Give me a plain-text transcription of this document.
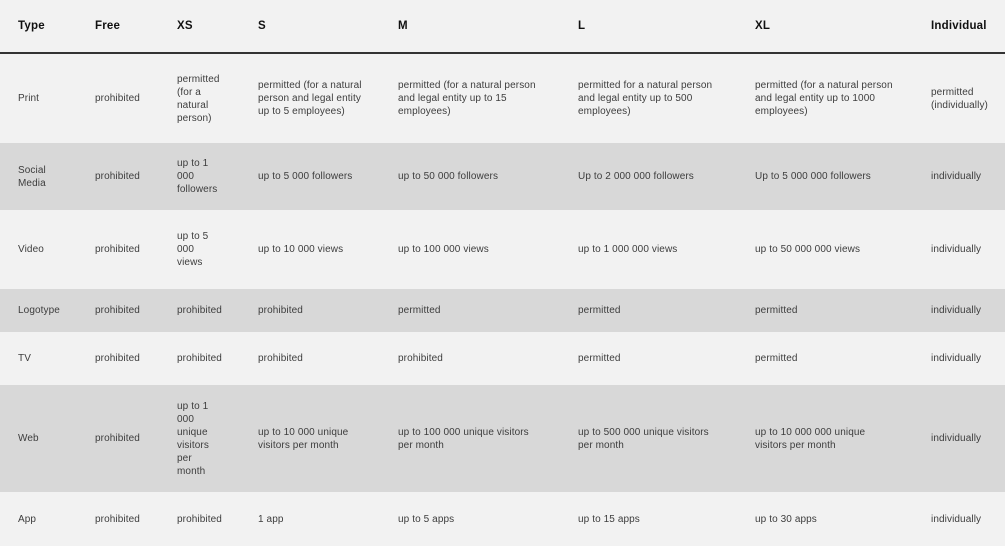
Type	Free	XS	S	M	L	XL	Individual
Print	prohibited	permitted (for a natural person)	permitted (for a natural person and legal entity up to 5 employees)	permitted (for a natural person and legal entity up to 15 employees)	permitted for a natural person and legal entity up to 500 employees)	permitted (for a natural person and legal entity up to 1000 employees)	permitted (individually)
Social Media	prohibited	up to 1 000 followers	up to 5 000 followers	up to 50 000 followers	Up to 2 000 000 followers	Up to 5 000 000 followers	individually
Video	prohibited	up to 5 000 views	up to 10 000 views	up to 100 000 views	up to 1 000 000 views	up to 50 000 000 views	individually
Logotype	prohibited	prohibited	prohibited	permitted	permitted	permitted	individually
TV	prohibited	prohibited	prohibited	prohibited	permitted	permitted	individually
Web	prohibited	up to 1 000 unique visitors per month	up to 10 000 unique visitors per month	up to 100 000 unique visitors per month	up to 500 000 unique visitors per month	up to 10 000 000 unique visitors per month	individually
App	prohibited	prohibited	1 app	up to 5 apps	up to 15 apps	up to 30 apps	individually
